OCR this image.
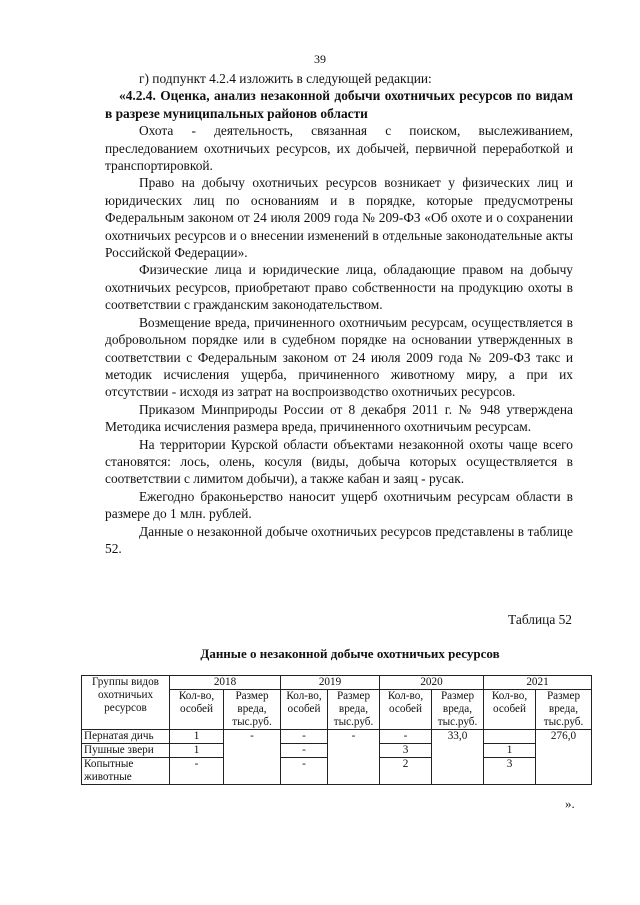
39

г) подпункт 4.2.4 изложить в следующей редакции:

«4.2.4. Оценка, анализ незаконной добычи охотничьих ресурсов по видам в разрезе муниципальных районов области

Охота - деятельность, связанная с поиском, выслеживанием, преследованием охотничьих ресурсов, их добычей, первичной переработкой и транспортировкой.

Право на добычу охотничьих ресурсов возникает у физических лиц и юридических лиц по основаниям и в порядке, которые предусмотрены Федеральным законом от 24 июля 2009 года № 209-ФЗ «Об охоте и о сохранении охотничьих ресурсов и о внесении изменений в отдельные законодательные акты Российской Федерации».

Физические лица и юридические лица, обладающие правом на добычу охотничьих ресурсов, приобретают право собственности на продукцию охоты в соответствии с гражданским законодательством.

Возмещение вреда, причиненного охотничьим ресурсам, осуществляется в добровольном порядке или в судебном порядке на основании утвержденных в соответствии с Федеральным законом от 24 июля 2009 года № 209-ФЗ такс и методик исчисления ущерба, причиненного животному миру, а при их отсутствии - исходя из затрат на воспроизводство охотничьих ресурсов.

Приказом Минприроды России от 8 декабря 2011 г. № 948 утверждена Методика исчисления размера вреда, причиненного охотничьим ресурсам.

На территории Курской области объектами незаконной охоты чаще всего становятся: лось, олень, косуля (виды, добыча которых осуществляется в соответствии с лимитом добычи), а также кабан и заяц - русак.

Ежегодно браконьерство наносит ущерб охотничьим ресурсам области в размере до 1 млн. рублей.

Данные о незаконной добыче охотничьих ресурсов представлены в таблице 52.

Таблица 52
Данные о незаконной добыче охотничьих ресурсов
Группы видов охотничьих ресурсов	2018		2019		2020		2021	
	Кол-во, особей	Размер вреда, тыс.руб.	Кол-во, особей	Размер вреда, тыс.руб.	Кол-во, особей	Размер вреда, тыс.руб.	Кол-во, особей	Размер вреда, тыс.руб.
Пернатая дичь	1	-	-	-	-	33,0		276,0
Пушные звери	1		-		3		1	
Копытные животные	-		-		2		3	
».
